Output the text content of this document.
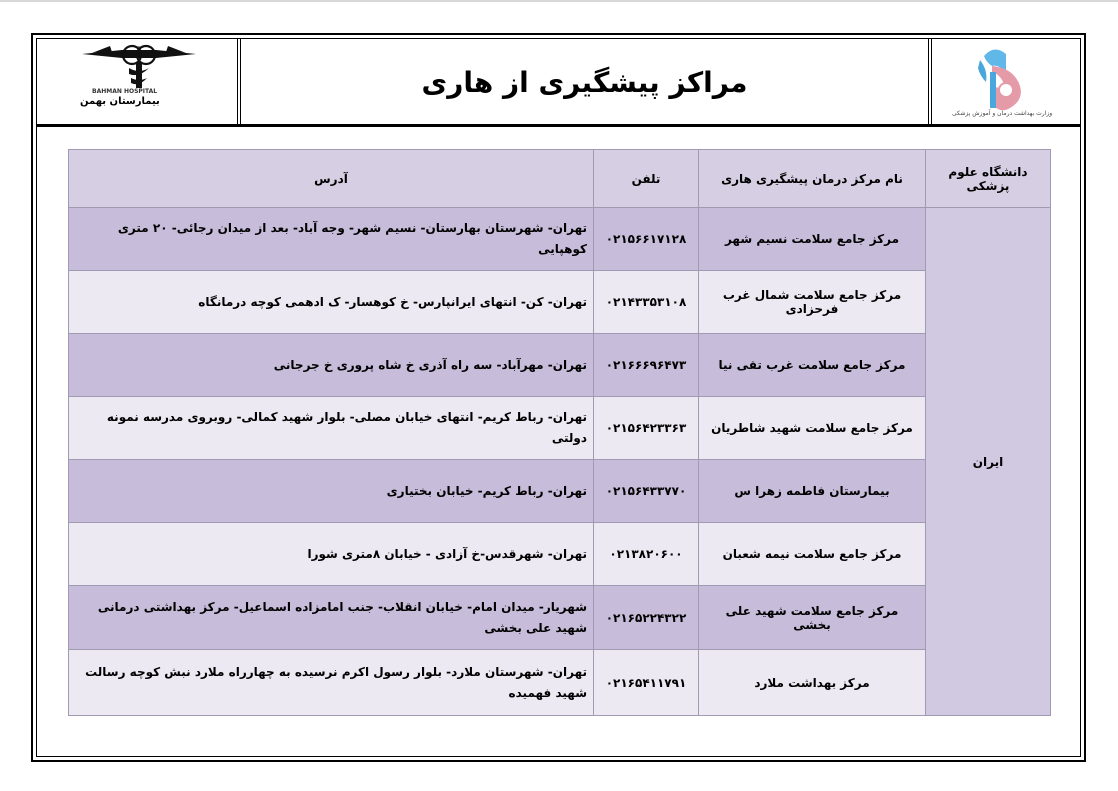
B
BAHMAN HOSPITAL
بیمارستان بهمن
مراکز پیشگیری از هاری
وزارت بهداشت درمان و آموزش پزشکی
دانشگاه علوم پزشکی	نام مرکز درمان پیشگیری هاری	تلفن	آدرس
ایران	مرکز جامع سلامت نسیم شهر	۰۲۱۵۶۶۱۷۱۲۸	تهران- شهرستان بهارستان- نسیم شهر- وجه آباد- بعد از میدان رجائی- ۲۰ متری کوهپایی
	مرکز جامع سلامت شمال غرب فرحزادی	۰۲۱۴۳۳۵۳۱۰۸	تهران- کن- انتهای ایرانپارس- خ کوهسار- ک ادهمی کوچه درمانگاه
	مرکز جامع سلامت غرب تقی نیا	۰۲۱۶۶۶۹۶۴۷۳	تهران- مهرآباد- سه راه آذری خ شاه پروری خ جرجانی
	مرکز جامع سلامت شهید شاطریان	۰۲۱۵۶۴۲۳۳۶۳	تهران- رباط کریم- انتهای خیابان مصلی- بلوار شهید کمالی- روبروی مدرسه نمونه دولتی
	بیمارستان فاطمه زهرا س	۰۲۱۵۶۴۳۳۷۷۰	تهران- رباط کریم- خیابان بختیاری
	مرکز جامع سلامت نیمه شعبان	۰۲۱۳۸۲۰۶۰۰	تهران- شهرقدس-خ آزادی - خیابان ۸متری شورا
	مرکز جامع سلامت شهید علی بخشی	۰۲۱۶۵۲۲۴۳۲۲	شهریار- میدان امام- خیابان انقلاب- جنب امامزاده اسماعیل- مرکز بهداشتی درمانی شهید علی بخشی
	مرکز بهداشت ملارد	۰۲۱۶۵۴۱۱۷۹۱	تهران- شهرستان ملارد- بلوار رسول اکرم نرسیده به چهارراه ملارد نبش کوچه رسالت شهید فهمیده
